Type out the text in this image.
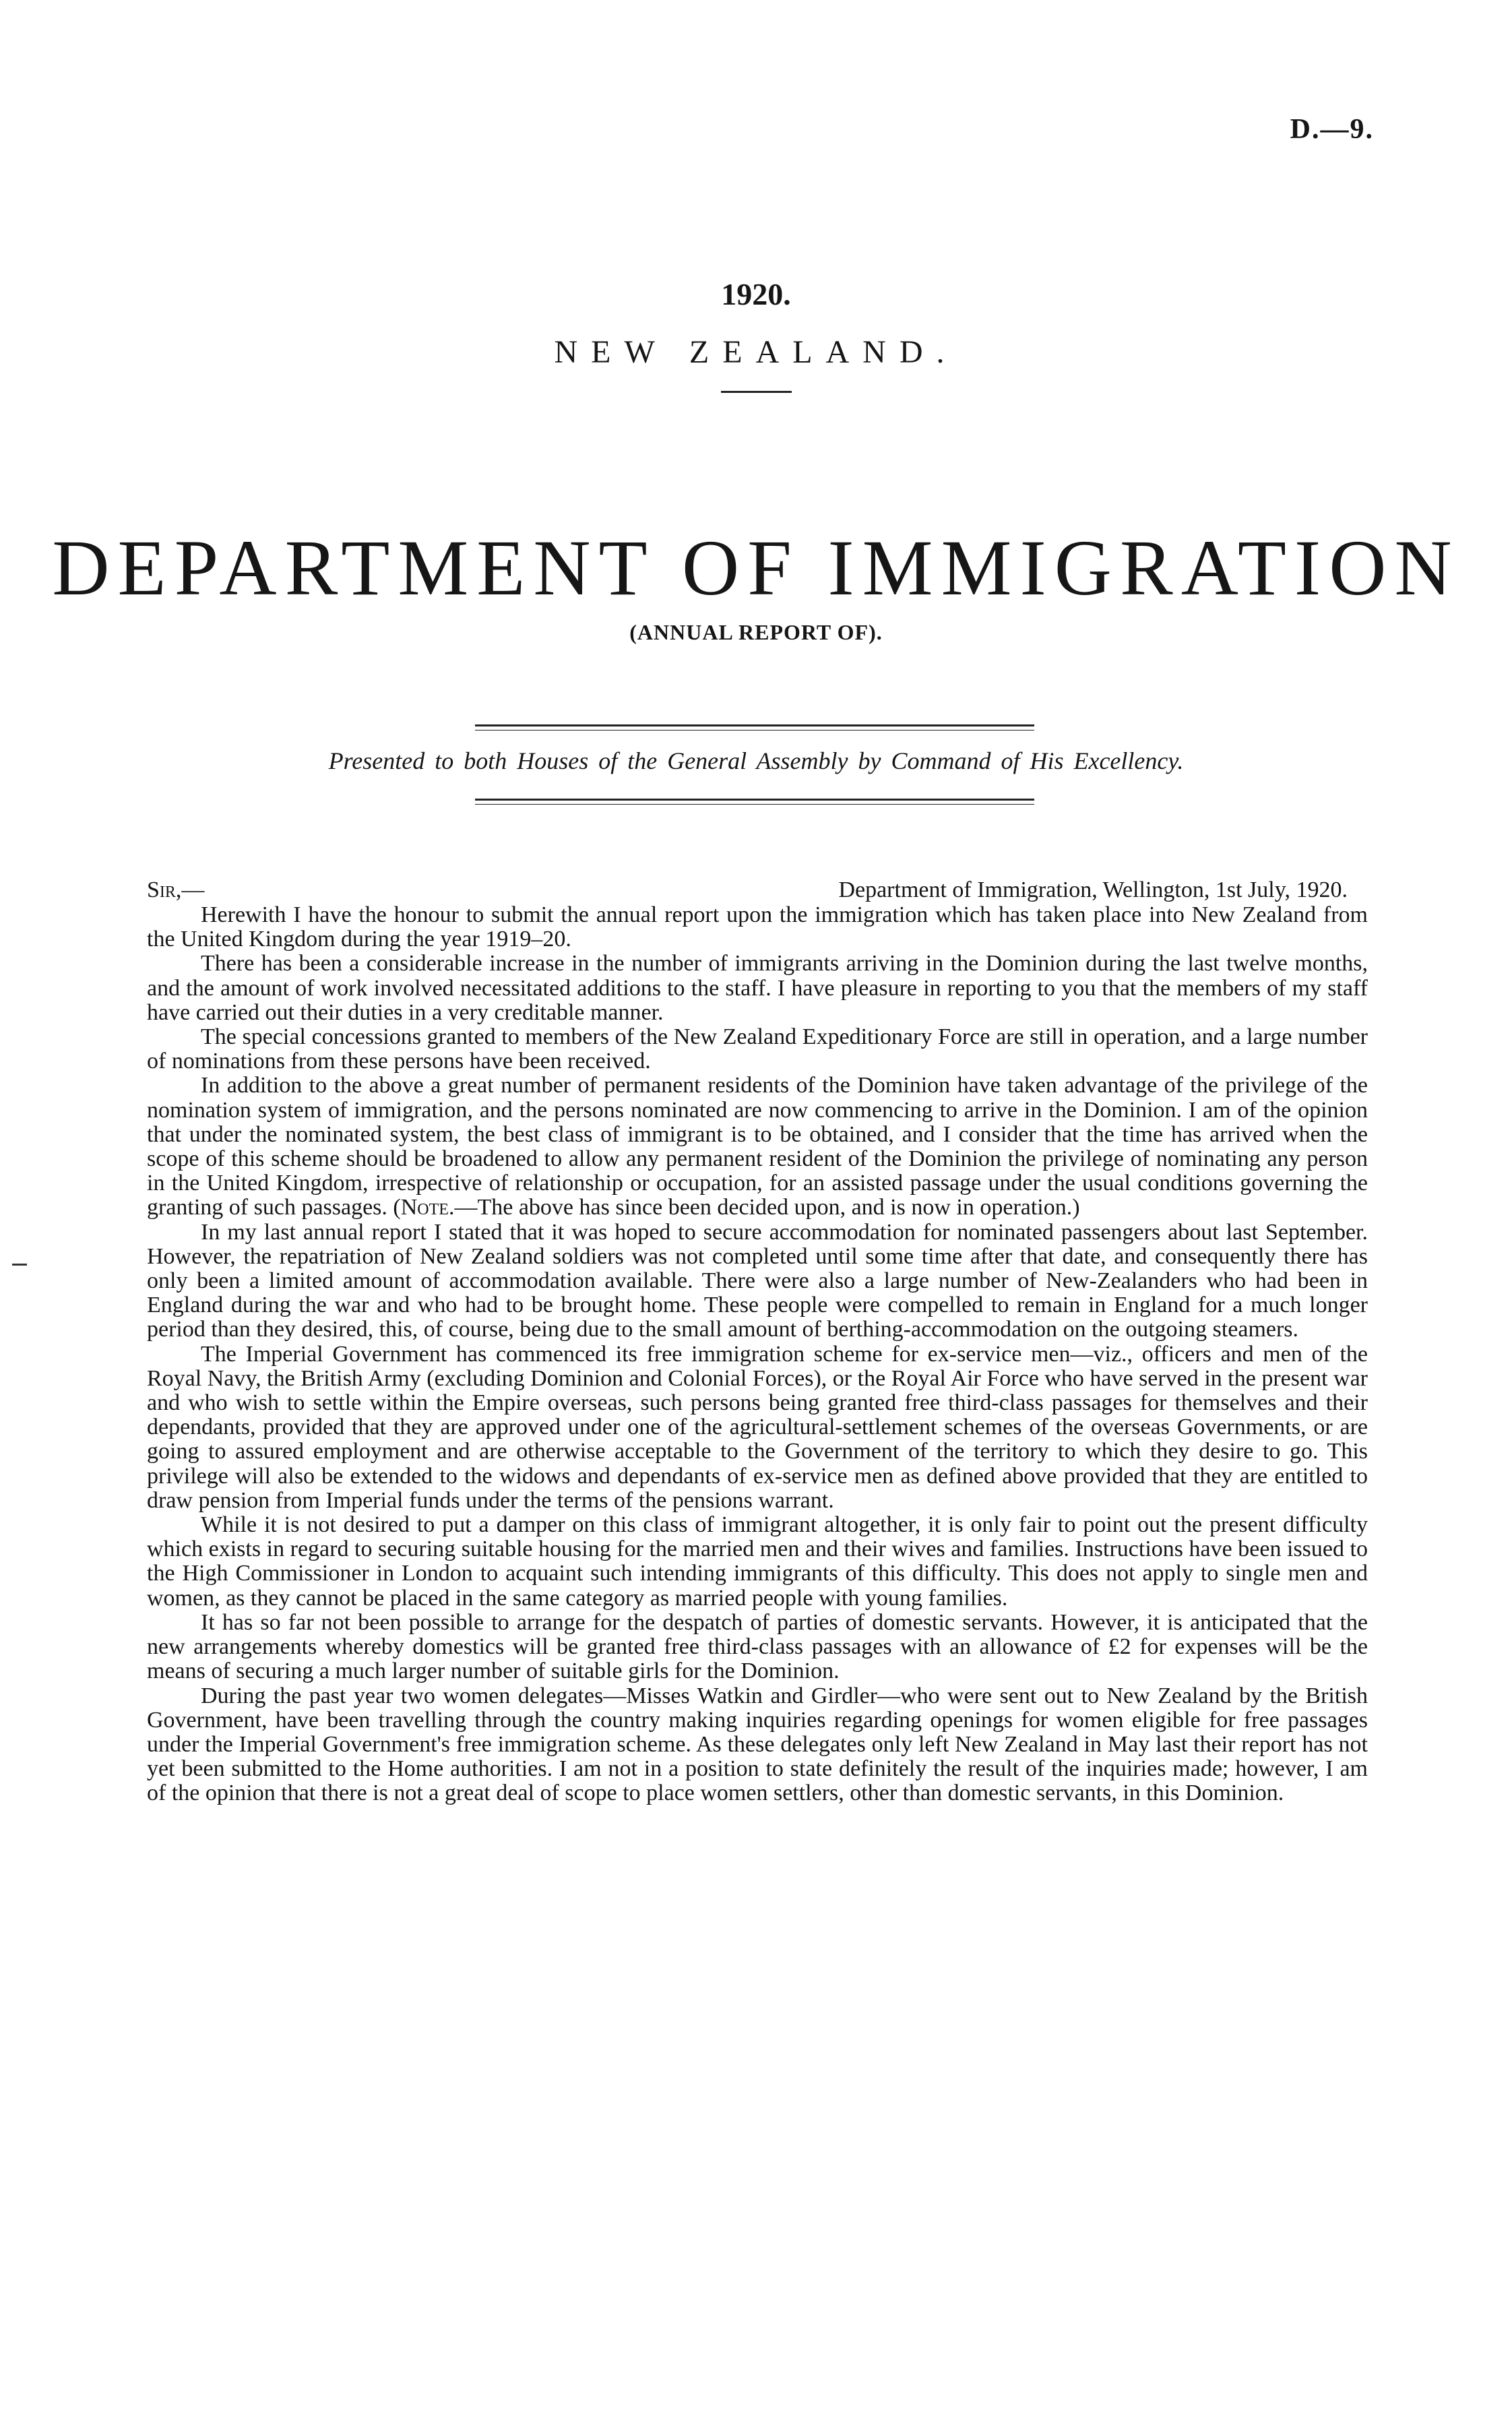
D.—9.
1920.
NEW ZEALAND.
DEPARTMENT OF IMMIGRATION
(ANNUAL REPORT OF).
Presented to both Houses of the General Assembly by Command of His Excellency.
Sir,—	Department of Immigration, Wellington, 1st July, 1920.

Herewith I have the honour to submit the annual report upon the immigration which has taken place into New Zealand from the United Kingdom during the year 1919–20.

There has been a considerable increase in the number of immigrants arriving in the Dominion during the last twelve months, and the amount of work involved necessitated additions to the staff. I have pleasure in reporting to you that the members of my staff have carried out their duties in a very creditable manner.

The special concessions granted to members of the New Zealand Expeditionary Force are still in operation, and a large number of nominations from these persons have been received.

In addition to the above a great number of permanent residents of the Dominion have taken advantage of the privilege of the nomination system of immigration, and the persons nominated are now commencing to arrive in the Dominion. I am of the opinion that under the nominated system, the best class of immigrant is to be obtained, and I consider that the time has arrived when the scope of this scheme should be broadened to allow any permanent resident of the Dominion the privilege of nominating any person in the United Kingdom, irrespective of relationship or occupation, for an assisted passage under the usual conditions governing the granting of such passages. (Note.—The above has since been decided upon, and is now in operation.)

In my last annual report I stated that it was hoped to secure accommodation for nominated passengers about last September. However, the repatriation of New Zealand soldiers was not completed until some time after that date, and consequently there has only been a limited amount of accommodation available. There were also a large number of New-Zealanders who had been in England during the war and who had to be brought home. These people were compelled to remain in England for a much longer period than they desired, this, of course, being due to the small amount of berthing-accommodation on the outgoing steamers.

The Imperial Government has commenced its free immigration scheme for ex-service men—viz., officers and men of the Royal Navy, the British Army (excluding Dominion and Colonial Forces), or the Royal Air Force who have served in the present war and who wish to settle within the Empire overseas, such persons being granted free third-class passages for themselves and their dependants, provided that they are approved under one of the agricultural-settlement schemes of the overseas Governments, or are going to assured employment and are otherwise acceptable to the Government of the territory to which they desire to go. This privilege will also be extended to the widows and dependants of ex-service men as defined above provided that they are entitled to draw pension from Imperial funds under the terms of the pensions warrant.

While it is not desired to put a damper on this class of immigrant altogether, it is only fair to point out the present difficulty which exists in regard to securing suitable housing for the married men and their wives and families. Instructions have been issued to the High Commissioner in London to acquaint such intending immigrants of this difficulty. This does not apply to single men and women, as they cannot be placed in the same category as married people with young families.

It has so far not been possible to arrange for the despatch of parties of domestic servants. However, it is anticipated that the new arrangements whereby domestics will be granted free third-class passages with an allowance of £2 for expenses will be the means of securing a much larger number of suitable girls for the Dominion.

During the past year two women delegates—Misses Watkin and Girdler—who were sent out to New Zealand by the British Government, have been travelling through the country making inquiries regarding openings for women eligible for free passages under the Imperial Government's free immigration scheme. As these delegates only left New Zealand in May last their report has not yet been submitted to the Home authorities. I am not in a position to state definitely the result of the inquiries made; however, I am of the opinion that there is not a great deal of scope to place women settlers, other than domestic servants, in this Dominion.
